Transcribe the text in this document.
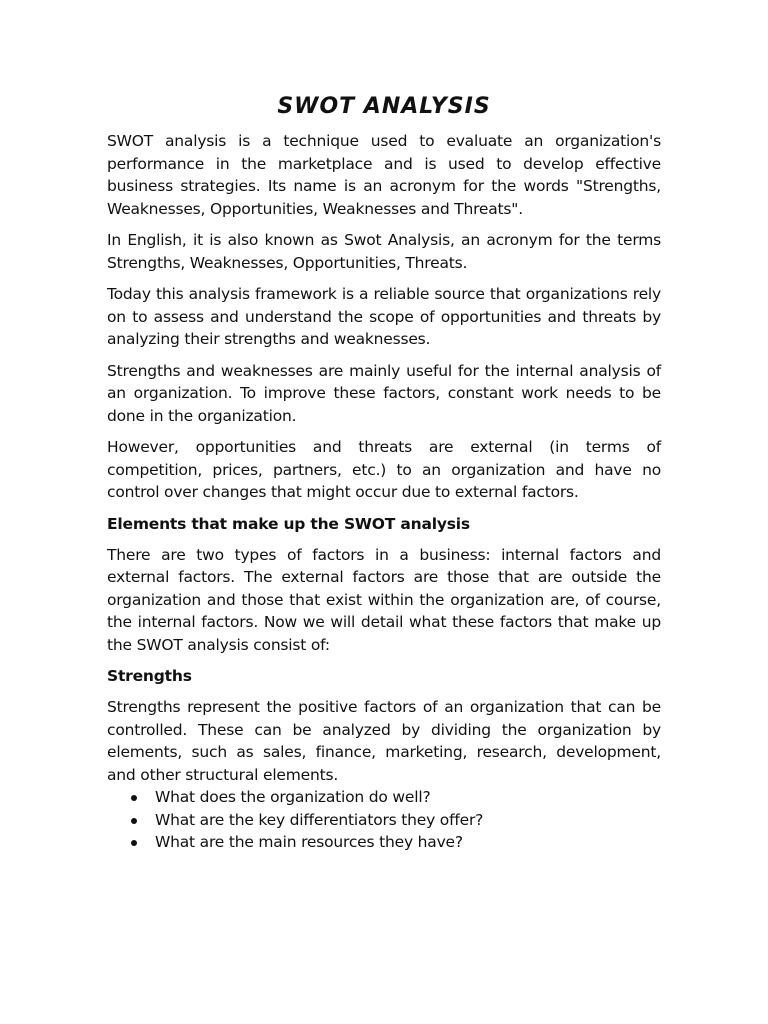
SWOT ANALYSIS

SWOT analysis is a technique used to evaluate an organization's performance in the marketplace and is used to develop effective business strategies. Its name is an acronym for the words "Strengths, Weaknesses, Opportunities, Weaknesses and Threats".

In English, it is also known as Swot Analysis, an acronym for the terms Strengths, Weaknesses, Opportunities, Threats.

Today this analysis framework is a reliable source that organizations rely on to assess and understand the scope of opportunities and threats by analyzing their strengths and weaknesses.

Strengths and weaknesses are mainly useful for the internal analysis of an organization. To improve these factors, constant work needs to be done in the organization.

However, opportunities and threats are external (in terms of competition, prices, partners, etc.) to an organization and have no control over changes that might occur due to external factors.

Elements that make up the SWOT analysis

There are two types of factors in a business: internal factors and external factors. The external factors are those that are outside the organization and those that exist within the organization are, of course, the internal factors. Now we will detail what these factors that make up the SWOT analysis consist of:

Strengths

Strengths represent the positive factors of an organization that can be controlled. These can be analyzed by dividing the organization by elements, such as sales, finance, marketing, research, development, and other structural elements.

What does the organization do well?
What are the key differentiators they offer?
What are the main resources they have?
